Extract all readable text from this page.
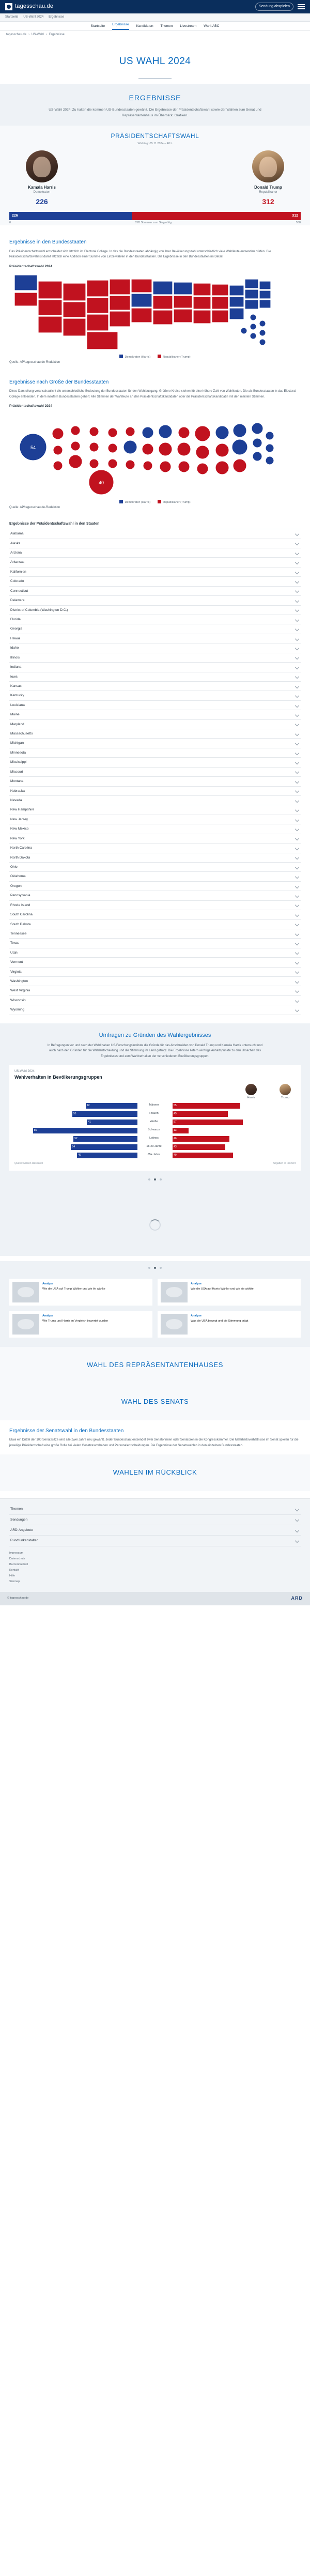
tagesschau.de	Sendung abspielen
Startseite US-Wahl 2024 Ergebnisse
Startseite Ergebnisse Kandidaten Themen Livestream Wahl-ABC
tagesschau.de › US-Wahl › Ergebnisse
US WAHL 2024
ERGEBNISSE

US-Wahl 2024: Zu halten die kommen US-Bundesstaaten gewählt. Die Ergebnisse der Präsidentschaftswahl sowie der Wahlen zum Senat und Repräsentantenhaus im Überblick. Grafiken.

PRÄSIDENTSCHAFTSWAHL
Wahltag: 05.11.2024 – 48 h
Kamala Harris
Demokraten
226
Donald Trump
Republikaner
312
226	312
0	270 Stimmen zum Sieg nötig	538
Ergebnisse in den Bundesstaaten

Das Präsidentschaftswahl entscheidet sich letztlich im Electoral College. In das die Bundesstaaten abhängig von ihrer Bevölkerungszahl unterschiedlich viele Wahlleute entsenden dürfen. Die Präsidentschaftswahl ist damit letztlich eine Addition einer Summe von Einzelwahlen in den Bundesstaaten. Die Ergebnisse in den Bundesstaaten im Detail.

Präsidentschaftswahl 2024
Demokraten (Harris)	Republikaner (Trump)

Quelle: AP/tagesschau.de-Redaktion

Ergebnisse nach Größe der Bundesstaaten

Diese Darstellung veranschaulicht die unterschiedliche Bedeutung der Bundesstaaten für den Wahlausgang. Größere Kreise stehen für eine höhere Zahl von Wahlleuten. Die als Bundesstaaten in das Electoral College entsenden. In dem insofern Bundesstaaten gehen: Alle Stimmen der Wahlleute an den Präsidentschaftskandidaten oder die Präsidentschaftskandidatin mit den meisten Stimmen.

Präsidentschaftswahl 2024
54
40
Demokraten (Harris)	Republikaner (Trump)

Quelle: AP/tagesschau.de-Redaktion

Ergebnisse der Präsidentschaftswahl in den Staaten
Alabama
Alaska
Arizona
Arkansas
Kalifornien
Colorado
Connecticut
Delaware
District of Columbia (Washington D.C.)
Florida
Georgia
Hawaii
Idaho
Illinois
Indiana
Iowa
Kansas
Kentucky
Louisiana
Maine
Maryland
Massachusetts
Michigan
Minnesota
Mississippi
Missouri
Montana
Nebraska
Nevada
New Hampshire
New Jersey
New Mexico
New York
North Carolina
North Dakota
Ohio
Oklahoma
Oregon
Pennsylvania
Rhode Island
South Carolina
South Dakota
Tennessee
Texas
Utah
Vermont
Virginia
Washington
West Virginia
Wisconsin
Wyoming
Umfragen zu Gründen des Wahlergebnisses

In Befragungen vor und nach der Wahl haben US-Forschungsinstitute die Gründe für das Abschneiden von Donald Trump und Kamala Harris untersucht und auch nach den Gründen für die Wahlentscheidung und die Stimmung im Land gefragt. Die Ergebnisse liefern wichtige Anhaltspunkte zu den Ursachen des Ergebnisses und zum Wahlverhalten der verschiedenen Bevölkerungsgruppen.

US-Wahl 2024
Wahlverhalten in Bevölkerungsgruppen
Harris	Trump
42	Männer	55
53	Frauen	45
41	Weiße	57
85	Schwarze	13
52	Latinos	46
54	18-29 Jahre	43
49	65+ Jahre	49
Quelle: Edison Research	Angaben in Prozent

Analyse
Wie die USA auf Trump Wähler und wie ihr wählte
Analyse
Wie die USA auf Harris Wähler und wie sie wählte
Analyse
Wie Trump und Harris im Vergleich bewertet wurden
Analyse
Was die USA bewegt und die Stimmung prägt
WAHL DES REPRÄSENTANTENHAUSES
WAHL DES SENATS
Ergebnisse der Senatswahl in den Bundesstaaten

Etwa ein Drittel der 100 Senatssitze wird alle zwei Jahre neu gewählt. Jeder Bundesstaat entsendet zwei Senatorinnen oder Senatoren in die Kongresskammer. Die Mehrheitsverhältnisse im Senat spielen für die jeweilige Präsidentschaft eine große Rolle bei vielen Gesetzesvorhaben und Personalentscheidungen. Die Ergebnisse der Senatswahlen in den einzelnen Bundesstaaten.

WAHLEN IM RÜCKBLICK
Themen
Sendungen
ARD-Angebote
Rundfunkanstalten
Impressum
Datenschutz
Barrierefreiheit
Kontakt
Hilfe
Sitemap
© tagesschau.de	ARD
